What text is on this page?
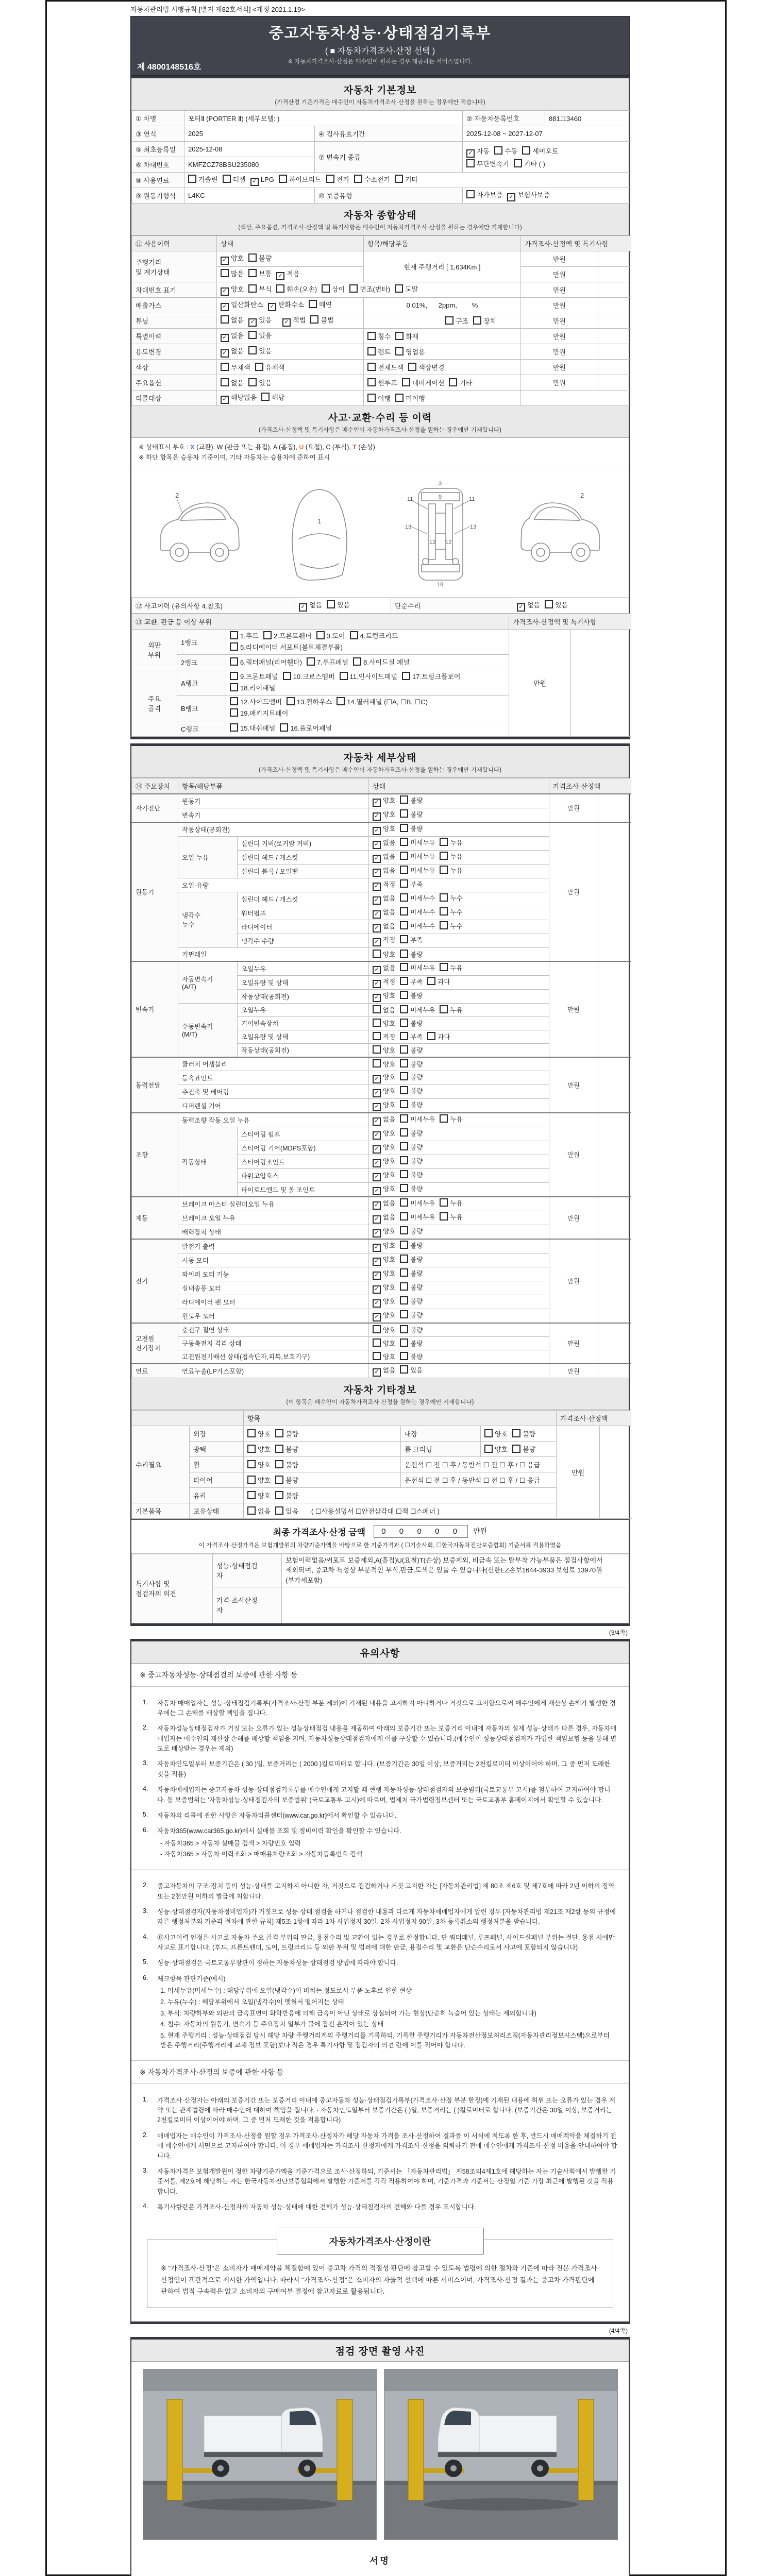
자동차관리법 시행규칙 [별지 제82호서식] <개정 2021.1.19>
중고자동차성능·상태점검기록부
( ■ 자동차가격조사·산정 선택 )
※ 자동차가격조사·산정은 매수인이 원하는 경우 제공하는 서비스입니다.
제 4800148516호
자동차 기본정보

(가격산정 기준가격은 매수인이 자동차가격조사·산정을 원하는 경우에만 적습니다)

① 차명	포터Ⅱ (PORTER Ⅱ) (세부모델: )		② 자동차등록번호	881고3460
③ 연식	2025	④ 검사유효기간	2025-12-08 ~ 2027-12-07	
⑤ 최초등록일	2025-12-08	⑦ 변속기 종류	✓ 자동 수동 세미오토
무단변속기 기타 ( )	

⑥ 차대번호	KMFZCZ78BSU235080			
⑧ 사용연료	가솔린 디젤 ✓ LPG 하이브리드 전기 수소전기 기타			
⑨ 원동기형식	L4KC	⑩ 보증유형	자가보증 ✓ 보험사보증	
자동차 종합상태

(색상, 주요옵션, 가격조사·산정액 및 특기사항은 매수인이 자동차가격조사·산정을 원하는 경우에만 기재합니다)

⑪ 사용이력	상태	항목/해당부품	가격조사·산정액 및 특기사항	
주행거리
및 계기상태	✓ 양호 불량	현재 주행거리 [ 1,634Km ]	만원	
	많음 보통 ✓ 적음		만원	
차대번호 표기	✓ 양호 부식 훼손(오손) 상이 변조(변타) 도말		만원	
배출가스	✓ 일산화탄소 ✓ 탄화수소 매연	0.01%,      2ppm,        %	만원	
튜닝	없음 ✓ 있음 ✓ 적법 불법	구조 장치	만원	
특별이력	✓ 없음 있음	침수 화재	만원	
용도변경	✓ 없음 있음	렌트 영업용	만원	
색상	무채색 유채색	전체도색 색상변경	만원	
주요옵션	없음 있음	썬루프 네비게이션 기타	만원	
리콜대상	✓ 해당없음 해당	이행 미이행		
사고·교환·수리 등 이력

(가격조사·산정액 및 특기사항은 매수인이 자동차가격조사·산정을 원하는 경우에만 기재합니다)

※ 상태표시 부호 : X (교환), W (판금 또는 용접), A (흠집), U (요철), C (부식), T (손상)
※ 하단 항목은 승용차 기준이며, 기타 자동차는 승용차에 준하여 표시
2
1
3
9
11	11
13	13
12 12
18
2
⑫ 사고이력 (유의사항 4.참조)	✓ 없음 있음	단순수리	✓ 없음 있음
⑬ 교환, 판금 등 이상 부위			가격조사·산정액 및 특기사항	
외판
부위	1랭크	1.후드 2.프론트휀더 3.도어 4.트렁크리드
5.라디에이터 서포트(볼트체결부품)	만원	
	2랭크	6.쿼터패널(리어휀다) 7.루프패널 8.사이드실 패널		
주요
골격	A랭크	9.프론트패널 10.크로스멤버 11.인사이드패널 17.트렁크플로어
18.리어패널		
	B랭크	12.사이드멤버 13.휠하우스 14.필러패널 (☐A, ☐B, ☐C)
19.패키지트레이		
	C랭크	15.대쉬패널 16.플로어패널		
자동차 세부상태

(가격조사·산정액 및 특기사항은 매수인이 자동차가격조사·산정을 원하는 경우에만 기재합니다)

⑭ 주요장치	항목/해당부품		상태	가격조사·산정액	
자기진단	원동기		✓ 양호 불량	만원	
	변속기		✓ 양호 불량		
원동기	작동상태(공회전)		✓ 양호 불량	만원	
	오일 누유	실린더 커버(로커암 커버)	✓ 없음 미세누유 누유		
		실린더 헤드 / 개스킷	✓ 없음 미세누유 누유		
		실린더 블록 / 오일팬	✓ 없음 미세누유 누유		
	오일 유량		✓ 적정 부족		
	냉각수
누수	실린더 헤드 / 개스킷	✓ 없음 미세누수 누수		
		워터펌프	✓ 없음 미세누수 누수		
		라디에이터	✓ 없음 미세누수 누수		
		냉각수 수량	✓ 적정 부족		
	커먼레일		양호 불량		
변속기	자동변속기
(A/T)	오일누유	✓ 없음 미세누유 누유	만원	
		오일유량 및 상태	✓ 적정 부족 과다		
		작동상태(공회전)	✓ 양호 불량		
	수동변속기
(M/T)	오일누유	없음 미세누유 누유		
		기어변속장치	양호 불량		
		오일유량 및 상태	적정 부족 과다		
		작동상태(공회전)	양호 불량		
동력전달	클러치 어셈블리		양호 불량	만원	
	등속죠인트		✓ 양호 불량		
	추진축 및 베어링		✓ 양호 불량		
	디퍼렌셜 기어		✓ 양호 불량		
조향	동력조향 작동 오일 누유		✓ 없음 미세누유 누유	만원	
	작동상태	스티어링 펌프	✓ 양호 불량		
		스티어링 기어(MDPS포함)	✓ 양호 불량		
		스티어링조인트	✓ 양호 불량		
		파워고압호스	✓ 양호 불량		
		타이로드엔드 및 볼 조인트	✓ 양호 불량		
제동	브레이크 마스터 실린더오일 누유		✓ 없음 미세누유 누유	만원	
	브레이크 오일 누유		✓ 없음 미세누유 누유		
	배력장치 상태		✓ 양호 불량		
전기	발전기 출력		✓ 양호 불량	만원	
	시동 모터		✓ 양호 불량		
	와이퍼 모터 기능		✓ 양호 불량		
	실내송풍 모터		✓ 양호 불량		
	라디에이터 팬 모터		✓ 양호 불량		
	윈도우 모터		✓ 양호 불량		
고전원
전기장치	충전구 절연 상태		양호 불량	만원	
	구동축전지 격리 상태		양호 불량		
	고전원전기배선 상태(접속단자,피복,보호기구)		양호 불량		
연료	연료누출(LP가스포함)		✓ 없음 있음	만원	
자동차 기타정보

(이 항목은 매수인이 자동차가격조사·산정을 원하는 경우에만 기재합니다)

		항목			가격조사·산정액		
수리필요	외장	양호 불량	내장	양호 불량	만원		
	광택	양호 불량	룸 크리닝	양호 불량			
	휠	양호 불량	운전석 ☐ 전 ☐ 후 / 동반석 ☐ 전 ☐ 후 / ☐ 응급				
	타이어	양호 불량	운전석 ☐ 전 ☐ 후 / 동반석 ☐ 전 ☐ 후 / ☐ 응급				
	유리	양호 불량					
기본품목	보유상태	없음 있음 ( ☐사용설명서 ☐안전삼각대 ☐잭 ☐스패너 )					
최종 가격조사·산정 금액	0  0  0  0  0	만원
이 가격조사·산정가격은 보험개발원의 차량기준가액을 바탕으로 한 기준가격과 ( ☐기술사회, ☐한국자동차진단보증협회) 기준서를 적용하였음
특기사항 및
점검자의 의견	성능·상태점검
자	보험이력없음/써포트 보증제외,A(흠집)U(요철)T(손상) 보증제외, 비금속 또는 탈부착 가능부품은 점검사항에서 제외되며, 중고차 특성상 부분적인 부식,판금,도색은 있을 수 있습니다(신한EZ손보1644-3933 보험료 13970원(부가세포함)
	가격·조사산정
자	
(3/4쪽)
유의사항
※ 중고자동차성능·상태점검의 보증에 관한 사항 등
1.	자동차 매매업자는 성능·상태점검기록부(가격조사·산정 부분 제외)에 기재된 내용을 고지하지 아니하거나 거짓으로 고지함으로써 매수인에게 재산상 손해가 발생한 경우에는 그 손해를 배상할 책임을 집니다.
2.	자동차성능상태점검자가 거짓 또는 오류가 있는 성능상태점검 내용을 제공하여 아래의 보증기간 또는 보증거리 이내에 자동차의 실제 성능·상태가 다른 경우, 자동차매매업자는 매수인의 재산상 손해를 배상할 책임을 지며, 자동차성능상태점검자에게 이를 구상할 수 있습니다.(매수인이 성능상태점검자가 가입한 책임보험 등을 통해 별도로 배상받는 경우는 제외)
3.	자동차인도일부터 보증기간은 ( 30 )일, 보증거리는 ( 2000 )킬로미터로 합니다. (보증기간은 30일 이상, 보증거리는 2천킬로미터 이상이어야 하며, 그 중 먼저 도래한 것을 적용)
4.	자동차매매업자는 중고자동차 성능·상태점검기록부를 매수인에게 고지할 때 현행 자동차성능·상태점검자의 보증범위(국토교통부 고시)를 첨부하여 고지하여야 합니다. 동 보증범위는 '자동차성능·상태점검자의 보증범위' (국토교통부 고시)에 따르며, 법제처 국가법령정보센터 또는 국토교통부 홈페이지에서 확인할 수 있습니다.
5.	자동차의 리콜에 관한 사항은 자동차리콜센터(www.car.go.kr)에서 확인할 수 있습니다.
6.	자동차365(www.car365.go.kr)에서 실매물 조회 및 정비이력 확인을 확인할 수 있습니다.
- 자동차365 > 자동차 실매물 검색 > 차량번호 입력
- 자동차365 > 자동차 이력조회 > 매매용차량조회 > 자동차등록번호 검색
2.	중고자동차의 구조·장치 등의 성능·상태를 고지하지 아니한 자, 거짓으로 점검하거나 거짓 고지한 자는 [자동차관리법] 제 80조 제6호 및 제7호에 따라 2년 이하의 징역 또는 2천만원 이하의 벌금에 처합니다.
3.	성능·상태점검자(자동차정비업자)가 거짓으로 성능·상태 점검을 하거나 점검한 내용과 다르게 자동차매매업자에게 알린 경우 [자동차관리법 제21조 제2항 등의 규정에 따른 행정처분의 기준과 절차에 관한 규칙] 제5조 1항에 따라 1차 사업정지 30일, 2차 사업정지 90일, 3차 등록취소의 행정처분을 받습니다.
4.	⑫사고이력 인정은 사고로 자동차 주요 골격 부위의 판금, 용접수리 및 교환이 있는 경우로 한정합니다. 단 쿼터패널, 루프패널, 사이드실패널 부위는 절단, 용접 시에만 사고로 표기합니다. (후드, 프론트펜더, 도어, 트렁크리드 등 외판 부위 및 범퍼에 대한 판금, 용접수리 및 교환은 단순수리로서 사고에 포함되지 않습니다)
5.	성능·상태점검은 국토교통부장관이 정하는 자동차성능·상태점검 방법에 따라야 합니다.
6.	체크항목 판단기준(예시)
1. 미세누유(미세누수) : 해당부위에 오일(냉각수)이 비치는 정도로서 부품 노후로 인한 현상
2. 누유(누수) : 해당부위에서 오일(냉각수)이 맺혀서 떨어지는 상태
3. 부식: 차량하부와 외판의 금속표면이 화학반응에 의해 금속이 아닌 상태로 상실되어 가는 현상(단순히 녹슬어 있는 상태는 제외합니다)
4. 침수: 자동차의 원동기, 변속기 등 주요장치 일부가 물에 잠긴 흔적이 있는 상태
5. 현재 주행거리 : 성능·상태점검 당시 해당 차량 주행거리계의 주행거리를 기록하되, 기록한 주행거리가 자동차전산정보처리조직(자동차관리정보시스템)으로부터 받은 주행거리(주행거리계 교체 정보 포함)보다 적은 경우 특기사항 및 점검자의 의견 란에 이를 적어야 합니다.
※ 자동차가격조사·산정의 보증에 관한 사항 등
1.	가격조사·산정자는 아래의 보증기간 또는 보증거리 이내에 중고자동차 성능·상태점검기록부(가격조사·산정 부분 한정)에 기재된 내용에 허위 또는 오류가 있는 경우 계약 또는 관계법령에 따라 매수인에 대하여 책임을 집니다. · 자동차인도일부터 보증기간은 ( )일, 보증거리는 ( )킬로미터로 합니다. (보증기간은 30일 이상, 보증거리는 2천킬로미터 이상이어야 하며, 그 중 먼저 도래한 것을 적용합니다)
2.	매매업자는 매수인이 가격조사·산정을 원할 경우 가격조사·산정자가 해당 자동차 가격을 조사·산정하여 결과를 이 서식에 적도록 한 후, 반드시 매매계약을 체결하기 전에 매수인에게 서면으로 고지하여야 합니다. 이 경우 매매업자는 가격조사·산정자에게 가격조사·산정을 의뢰하기 전에 매수인에게 가격조사·산정 비용을 안내하여야 합니다.
3.	자동차가격은 보험개발원이 정한 차량기준가액을 기준가격으로 조사·산정하되, 기준서는 「자동차관리법」 제58조의4제1호에 해당하는 자는 기술사회에서 발행한 기준서를, 제2호에 해당하는 자는 한국자동차진단보증협회에서 발행한 기준서를 각각 적용하여야 하며, 기준가격과 기준서는 산정일 기준 가장 최근에 발행된 것을 적용합니다.
4.	특기사항란은 가격조사·산정자의 자동차 성능·상태에 대한 견해가 성능·상태점검자의 견해와 다를 경우 표시합니다.
자동차가격조사·산정이란
※ "가격조사·산정"은 소비자가 매매계약을 체결함에 있어 중고차 가격의 적절성 판단에 참고할 수 있도록 법령에 의한 절차와 기준에 따라 전문 가격조사·산정인이 객관적으로 제시한 가액입니다. 따라서 "가격조사·산정"은 소비자의 자율적 선택에 따른 서비스이며, 가격조사·산정 결과는 중고차 가격판단에 관하여 법적 구속력은 없고 소비자의 구매여부 결정에 참고자료로 활용됩니다.
(4/4쪽)
점검 장면 촬영 사진
서명
